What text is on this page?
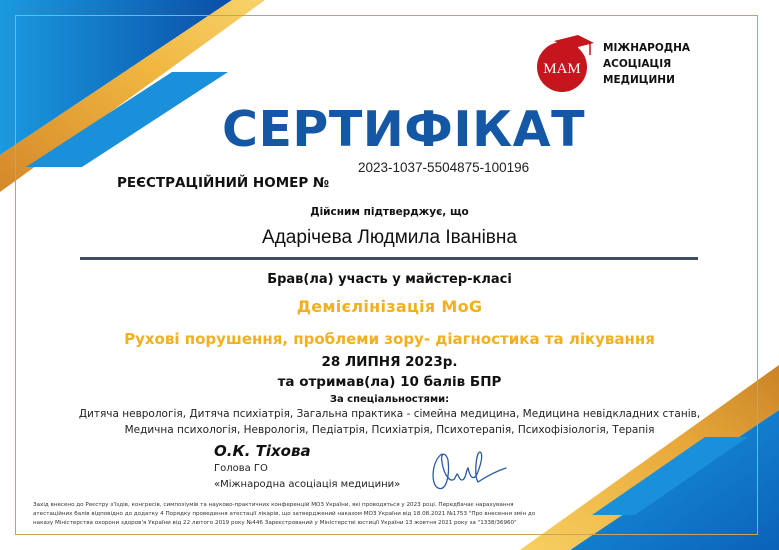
MAM
МІЖНАРОДНА
АСОЦІАЦІЯ
МЕДИЦИНИ
СЕРТИФІКАТ
2023-1037-5504875-100196
РЕЄСТРАЦІЙНИЙ НОМЕР №
Дійсним підтверджує, що
Адарічева Людмила Іванівна
Брав(ла) участь у майстер-класі
Демієлінізація MoG
Рухові порушення, проблеми зору- діагностика та лікування
28 ЛИПНЯ 2023р.
та отримав(ла) 10 балів БПР
За спеціальностями:
Дитяча неврологія, Дитяча психіатрія, Загальна практика - сімейна медицина, Медицина невідкладних станів,
Медична психологія, Неврологія, Педіатрія, Психіатрія, Психотерапія, Психофізіологія, Терапія
О.К. Тіхова
Голова ГО
«Міжнародна асоціація медицини»
Захід внесено до Реєстру з'їздів, конгресів, симпозіумів та науково-практичних конференцій МОЗ України, які проводяться у 2023 році. Передбачає нарахування
атестаційних балів відповідно до додатку 4 Порядку проведення атестації лікарів, що затверджений наказом МОЗ України від 18.08.2021 №1753 "Про внесення змін до
наказу Міністерства охорони здоров'я України від 22 лютого 2019 року №446 Зареєстрований у Міністерстві юстиції України 13 жовтня 2021 року за "1338/36960"
